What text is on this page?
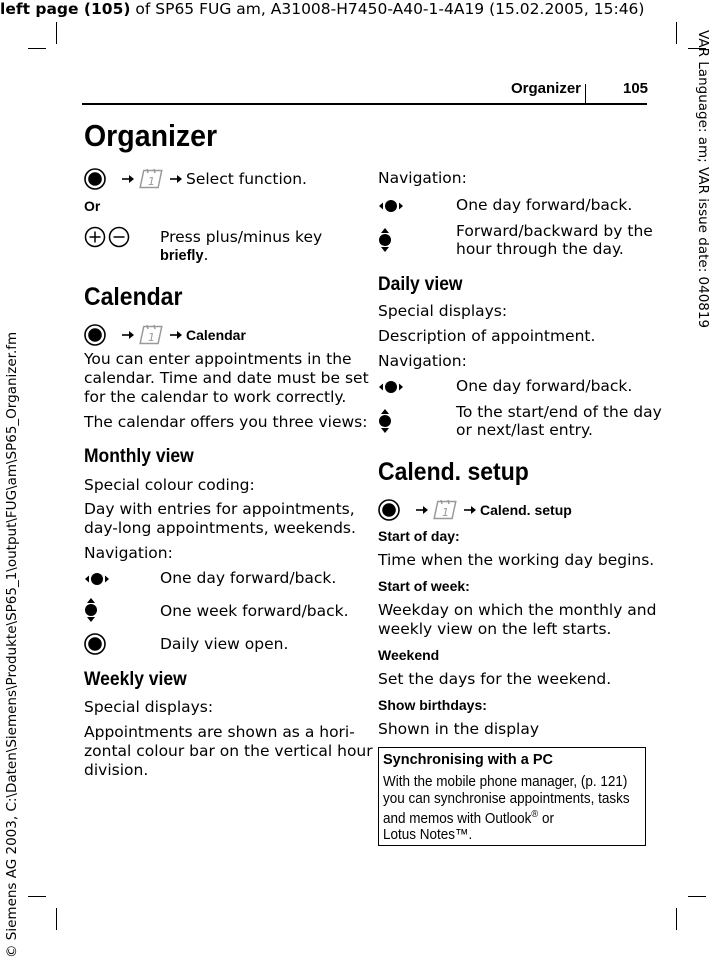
left page (105) of SP65 FUG am, A31008-H7450-A40-1-4A19 (15.02.2005, 15:46)
VAR Language: am; VAR issue date: 040819
© Siemens AG 2003, C:\Daten\Siemens\Produkte\SP65_1\output\FUG\am\SP65_Organizer.fm
Organizer	105
Organizer
Select function.
Or
Press plus/minus key
briefly.
Calendar
Calendar
You can enter appointments in the
calendar. Time and date must be set
for the calendar to work correctly.
The calendar offers you three views:
Monthly view
Special colour coding:
Day with entries for appointments,
day-long appointments, weekends.
Navigation:
One day forward/back.
One week forward/back.
Daily view open.
Weekly view
Special displays:
Appointments are shown as a hori-
zontal colour bar on the vertical hour
division.
Navigation:
One day forward/back.
Forward/backward by the
hour through the day.
Daily view
Special displays:
Description of appointment.
Navigation:
One day forward/back.
To the start/end of the day
or next/last entry.
Calend. setup
Calend. setup
Start of day:
Time when the working day begins.
Start of week:
Weekday on which the monthly and
weekly view on the left starts.
Weekend
Set the days for the weekend.
Show birthdays:
Shown in the display
Synchronising with a PC
With the mobile phone manager, (p. 121)
you can synchronise appointments, tasks
and memos with Outlook® or
Lotus Notes™.
